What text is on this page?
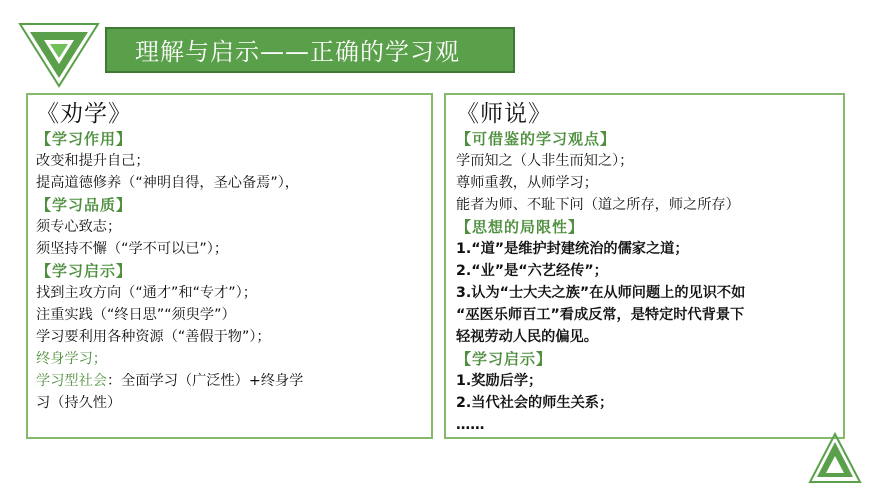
理解与启示——正确的学习观
《劝学》
【学习作用】
改变和提升自己；
提高道德修养（“神明自得，圣心备焉”），
【学习品质】
须专心致志；
须坚持不懈（“学不可以已”）；
【学习启示】
找到主攻方向（“通才”和“专才”）；
注重实践（“终日思”“须臾学”）
学习要利用各种资源（“善假于物”）；
终身学习；
学习型社会：全面学习（广泛性）+终身学
习（持久性）
《师说》
【可借鉴的学习观点】
学而知之（人非生而知之）；
尊师重教，从师学习；
能者为师、不耻下问（道之所存，师之所存）
【思想的局限性】
1.“道”是维护封建统治的儒家之道；
2.“业”是“六艺经传”；
3.认为“士大夫之族”在从师问题上的见识不如
“巫医乐师百工”看成反常，是特定时代背景下
轻视劳动人民的偏见。
【学习启示】
1.奖励后学；
2.当代社会的师生关系；
……
